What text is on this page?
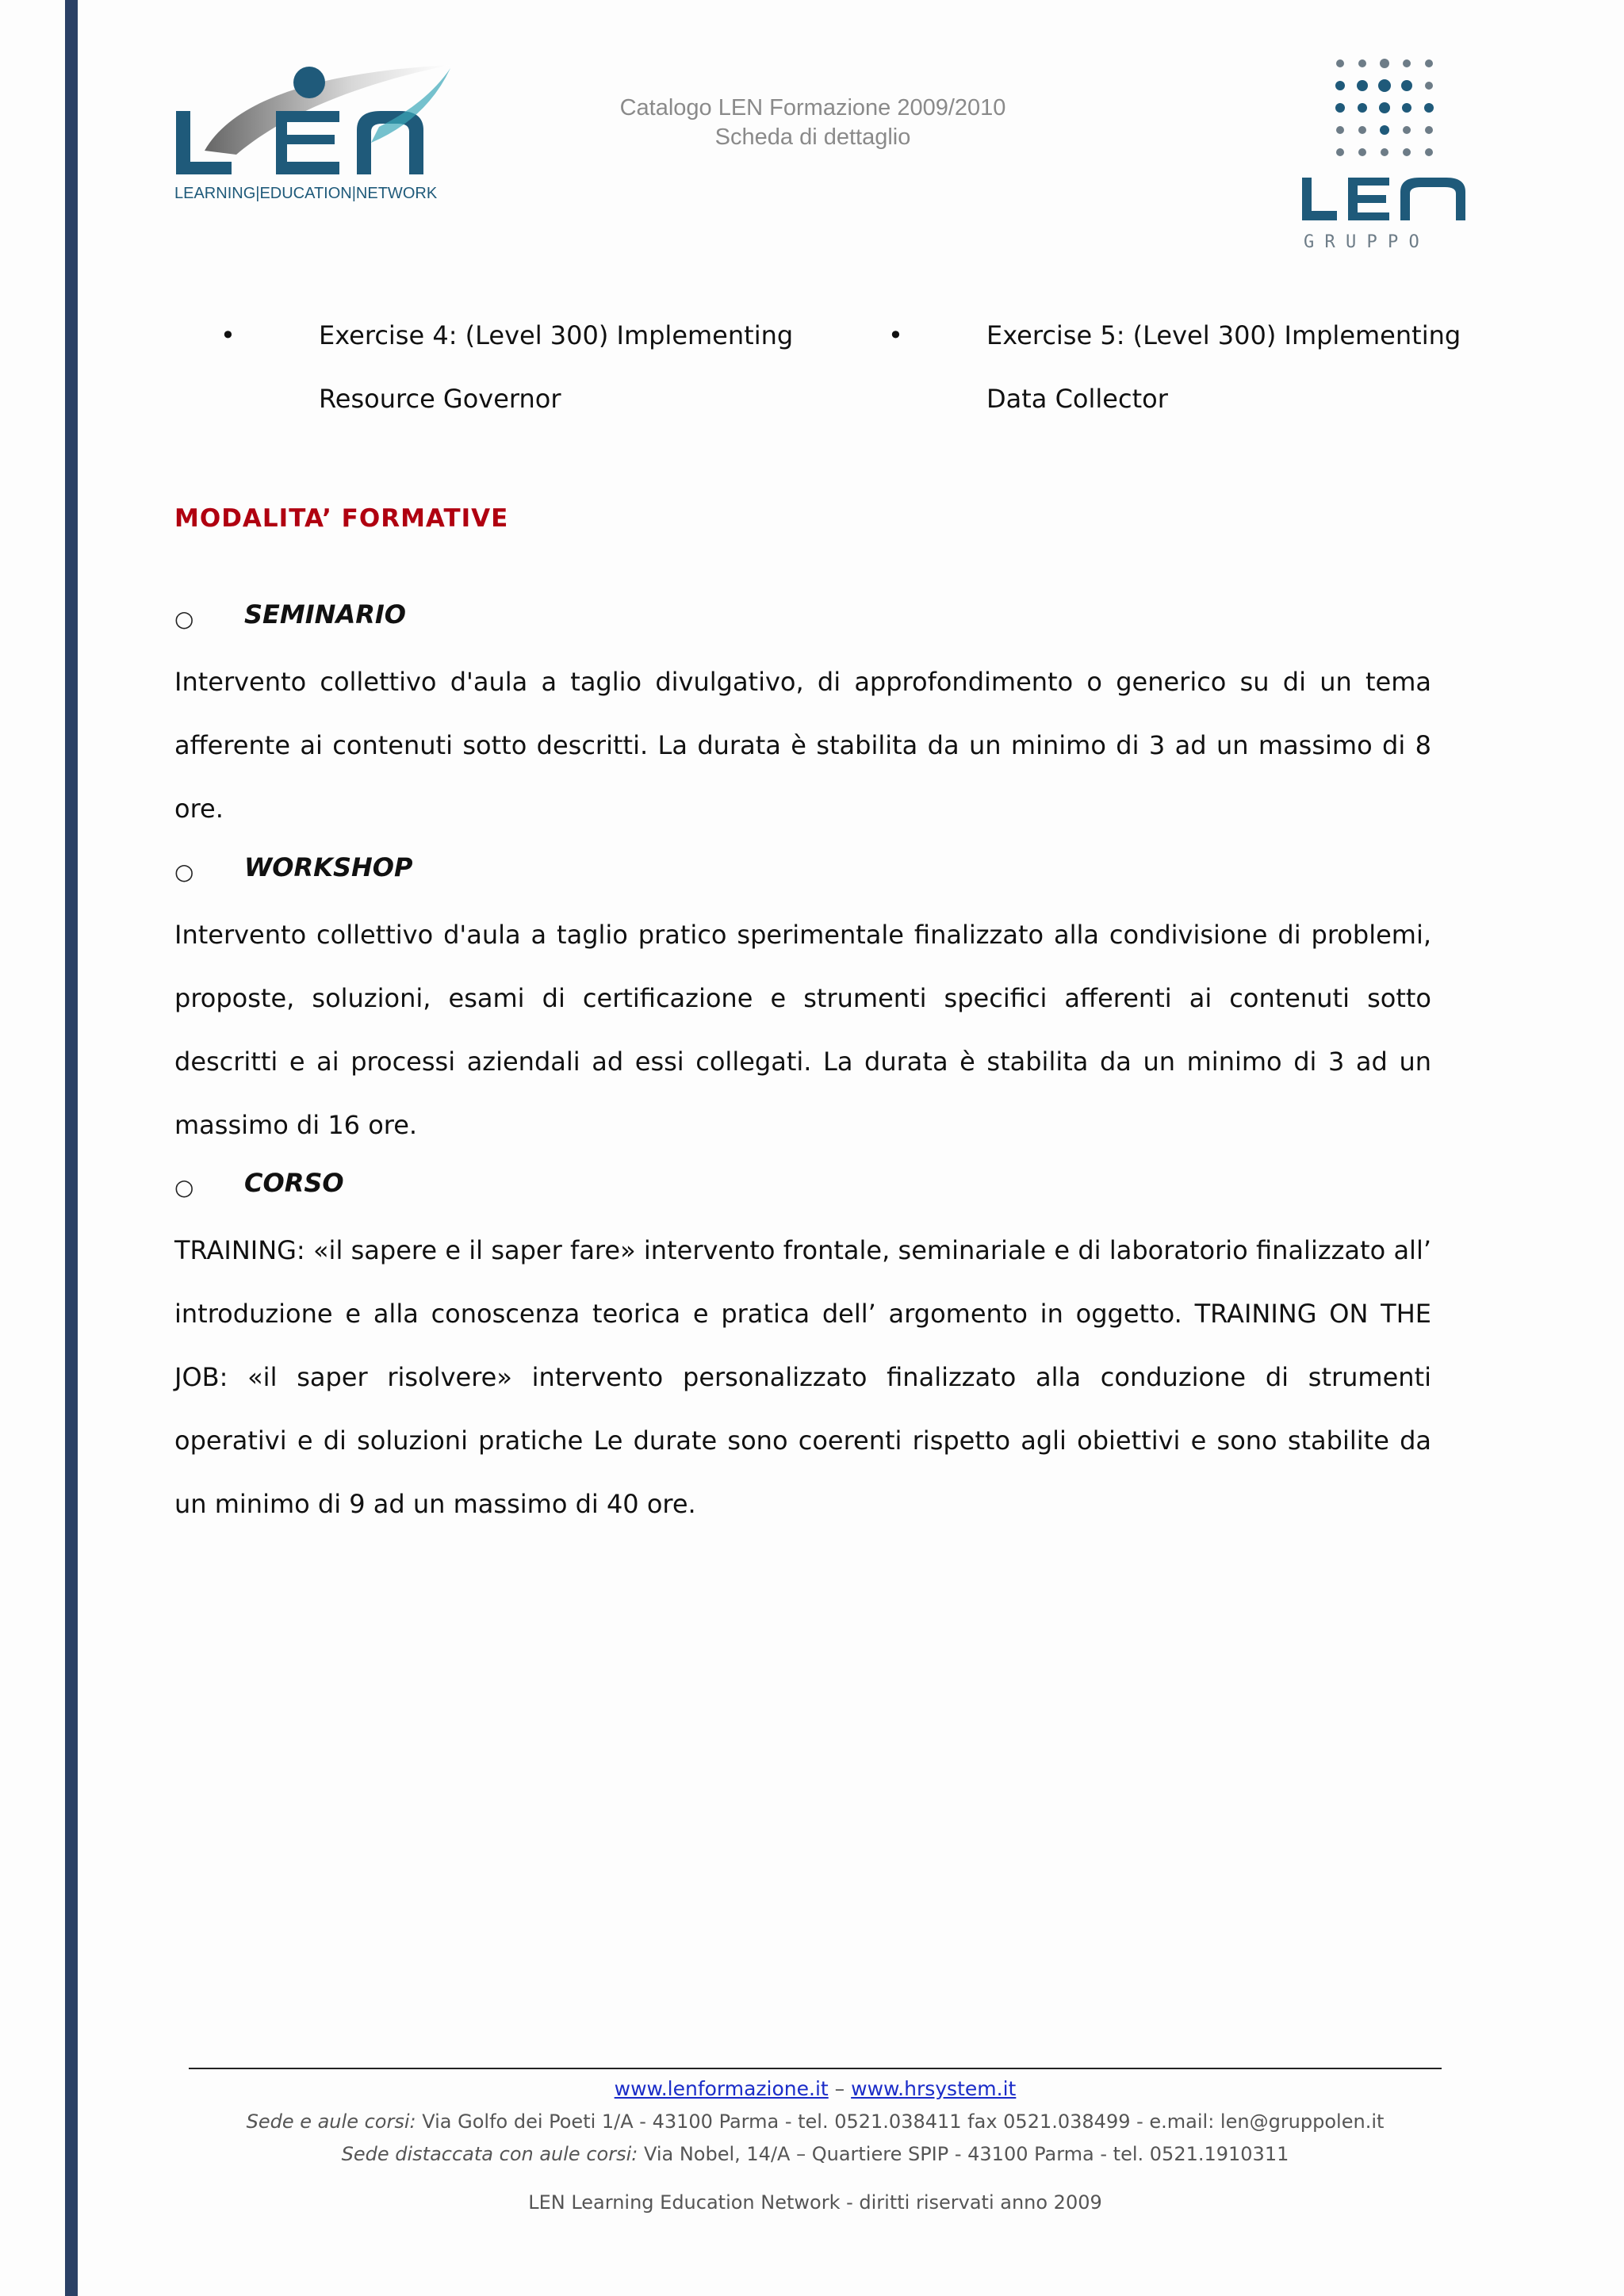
LEARNING|EDUCATION|NETWORK
Catalogo LEN Formazione 2009/2010
Scheda di dettaglio
G R U P P O
•	Exercise 4: (Level 300) Implementing Resource Governor
•	Exercise 5: (Level 300) Implementing Data Collector
MODALITA’ FORMATIVE
○ SEMINARIO
Intervento collettivo d'aula a taglio divulgativo, di approfondimento o generico su di un tema afferente ai contenuti sotto descritti. La durata è stabilita da un minimo di 3 ad un massimo di 8 ore.
○ WORKSHOP
Intervento collettivo d'aula a taglio pratico sperimentale finalizzato alla condivisione di problemi, proposte, soluzioni, esami di certificazione e strumenti specifici afferenti ai contenuti sotto descritti e ai processi aziendali ad essi collegati. La durata è stabilita da un minimo di 3 ad un massimo di 16 ore.
○ CORSO
TRAINING: «il sapere e il saper fare» intervento frontale, seminariale e di laboratorio finalizzato all’ introduzione e alla conoscenza teorica e pratica dell’ argomento in oggetto. TRAINING ON THE JOB: «il saper risolvere» intervento personalizzato finalizzato alla conduzione di strumenti operativi e di soluzioni pratiche Le durate sono coerenti rispetto agli obiettivi e sono stabilite da un minimo di 9 ad un massimo di 40 ore.
www.lenformazione.it – www.hrsystem.it
Sede e aule corsi: Via Golfo dei Poeti 1/A - 43100 Parma - tel. 0521.038411 fax 0521.038499 - e.mail: len@gruppolen.it
Sede distaccata con aule corsi: Via Nobel, 14/A – Quartiere SPIP - 43100 Parma - tel. 0521.1910311
LEN Learning Education Network - diritti riservati anno 2009
